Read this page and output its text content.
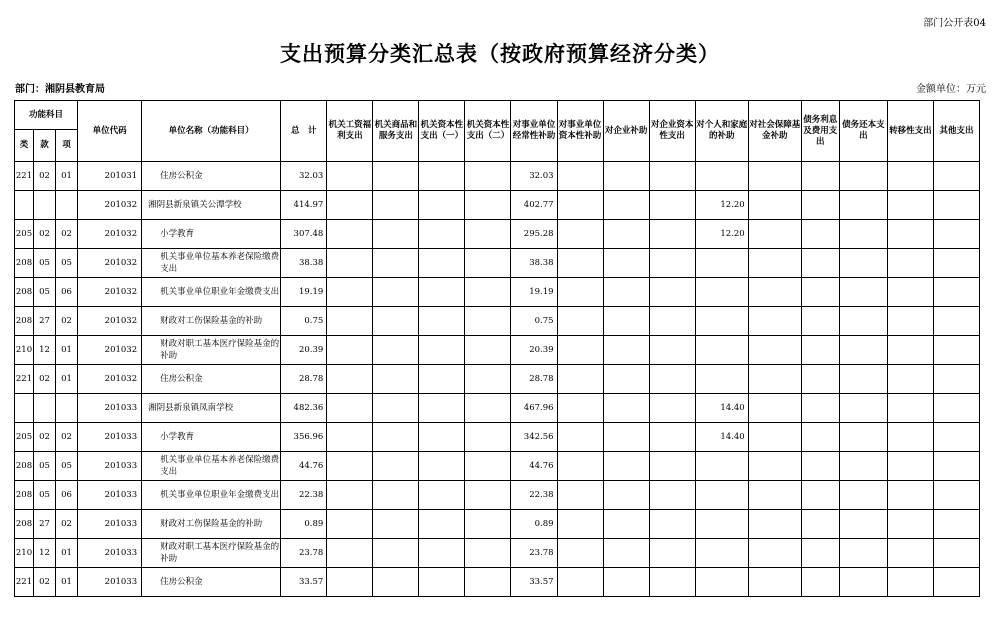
部门公开表04
支出预算分类汇总表（按政府预算经济分类）
部门：湘阴县教育局	金额单位：万元
功能科目			单位代码	单位名称（功能科目）	总　计	机关工资福利支出	机关商品和服务支出	机关资本性支出（一）	机关资本性支出（二）	对事业单位经常性补助	对事业单位资本性补助	对企业补助	对企业资本性支出	对个人和家庭的补助	对社会保障基金补助	债务利息及费用支出	债务还本支出	转移性支出	其他支出
类	款	项																	
221	02	01	201031	住房公积金	32.03					32.03									
			201032	湘阴县新泉镇关公潭学校	414.97					402.77				12.20					
205	02	02	201032	小学教育	307.48					295.28				12.20					
208	05	05	201032	机关事业单位基本养老保险缴费支出	38.38					38.38									
208	05	06	201032	机关事业单位职业年金缴费支出	19.19					19.19									
208	27	02	201032	财政对工伤保险基金的补助	0.75					0.75									
210	12	01	201032	财政对职工基本医疗保险基金的补助	20.39					20.39									
221	02	01	201032	住房公积金	28.78					28.78									
			201033	湘阴县新泉镇凤南学校	482.36					467.96				14.40					
205	02	02	201033	小学教育	356.96					342.56				14.40					
208	05	05	201033	机关事业单位基本养老保险缴费支出	44.76					44.76									
208	05	06	201033	机关事业单位职业年金缴费支出	22.38					22.38									
208	27	02	201033	财政对工伤保险基金的补助	0.89					0.89									
210	12	01	201033	财政对职工基本医疗保险基金的补助	23.78					23.78									
221	02	01	201033	住房公积金	33.57					33.57									
